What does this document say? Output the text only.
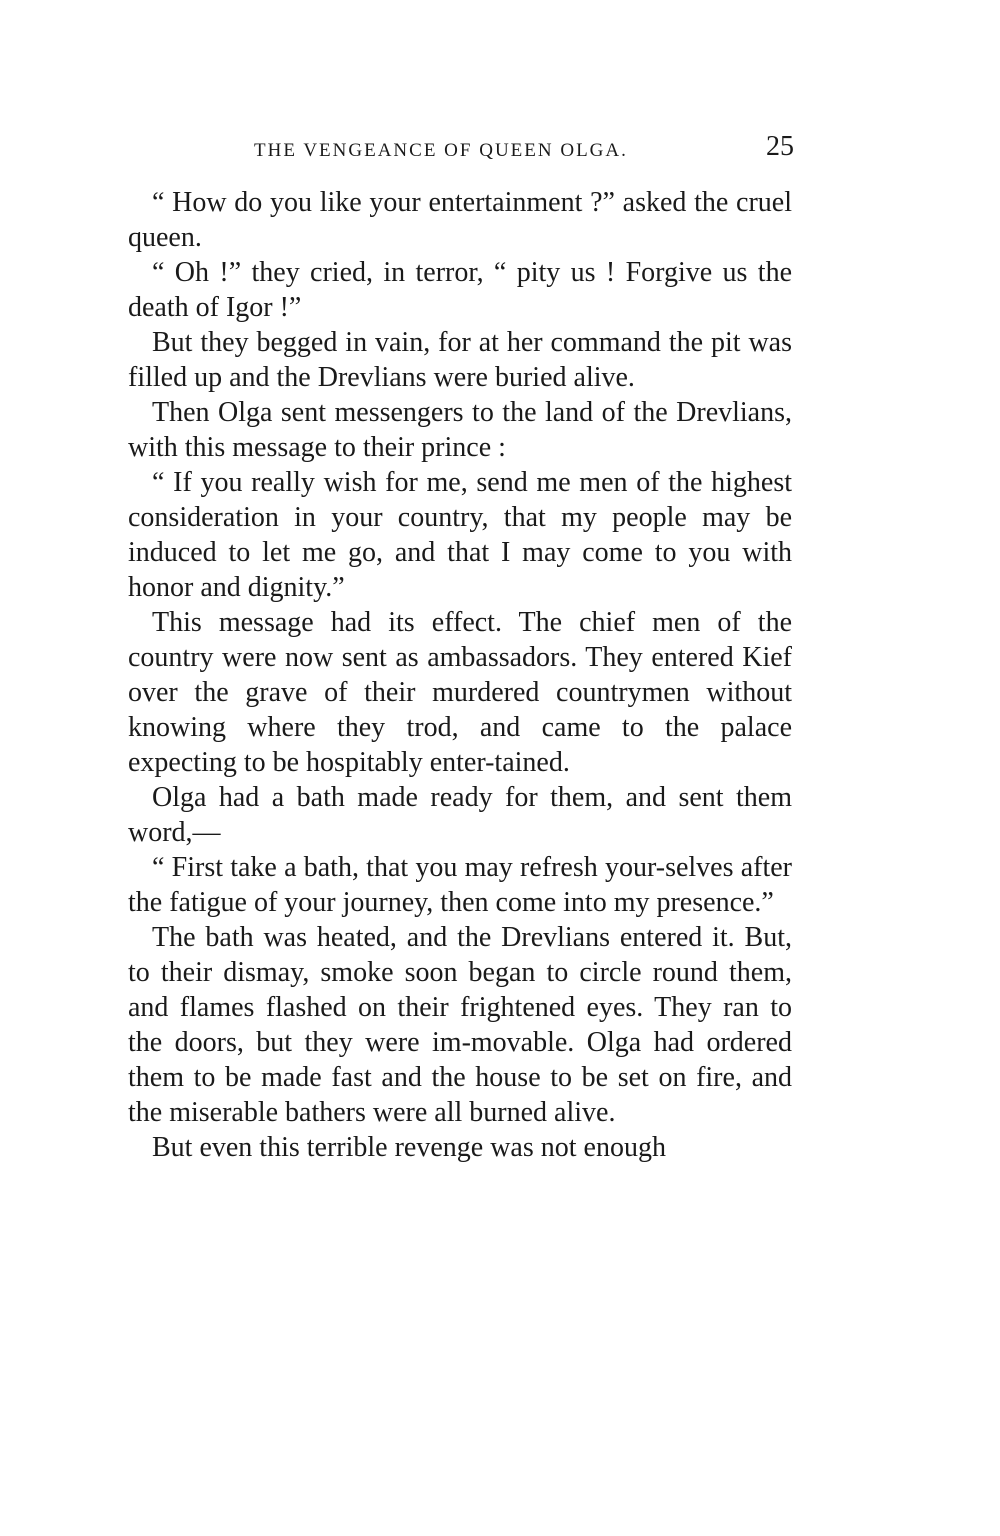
THE VENGEANCE OF QUEEN OLGA.	25

“ How do you like your entertainment ?” asked the cruel queen.

“ Oh !” they cried, in terror, “ pity us ! Forgive us the death of Igor !”

But they begged in vain, for at her command the pit was filled up and the Drevlians were buried alive.

Then Olga sent messengers to the land of the Drevlians, with this message to their prince :

“ If you really wish for me, send me men of the highest consideration in your country, that my people may be induced to let me go, and that I may come to you with honor and dignity.”

This message had its effect. The chief men of the country were now sent as ambassadors. They entered Kief over the grave of their murdered countrymen without knowing where they trod, and came to the palace expecting to be hospitably enter-tained.

Olga had a bath made ready for them, and sent them word,—

“ First take a bath, that you may refresh your-selves after the fatigue of your journey, then come into my presence.”

The bath was heated, and the Drevlians entered it. But, to their dismay, smoke soon began to circle round them, and flames flashed on their frightened eyes. They ran to the doors, but they were im-movable. Olga had ordered them to be made fast and the house to be set on fire, and the miserable bathers were all burned alive.

But even this terrible revenge was not enough
